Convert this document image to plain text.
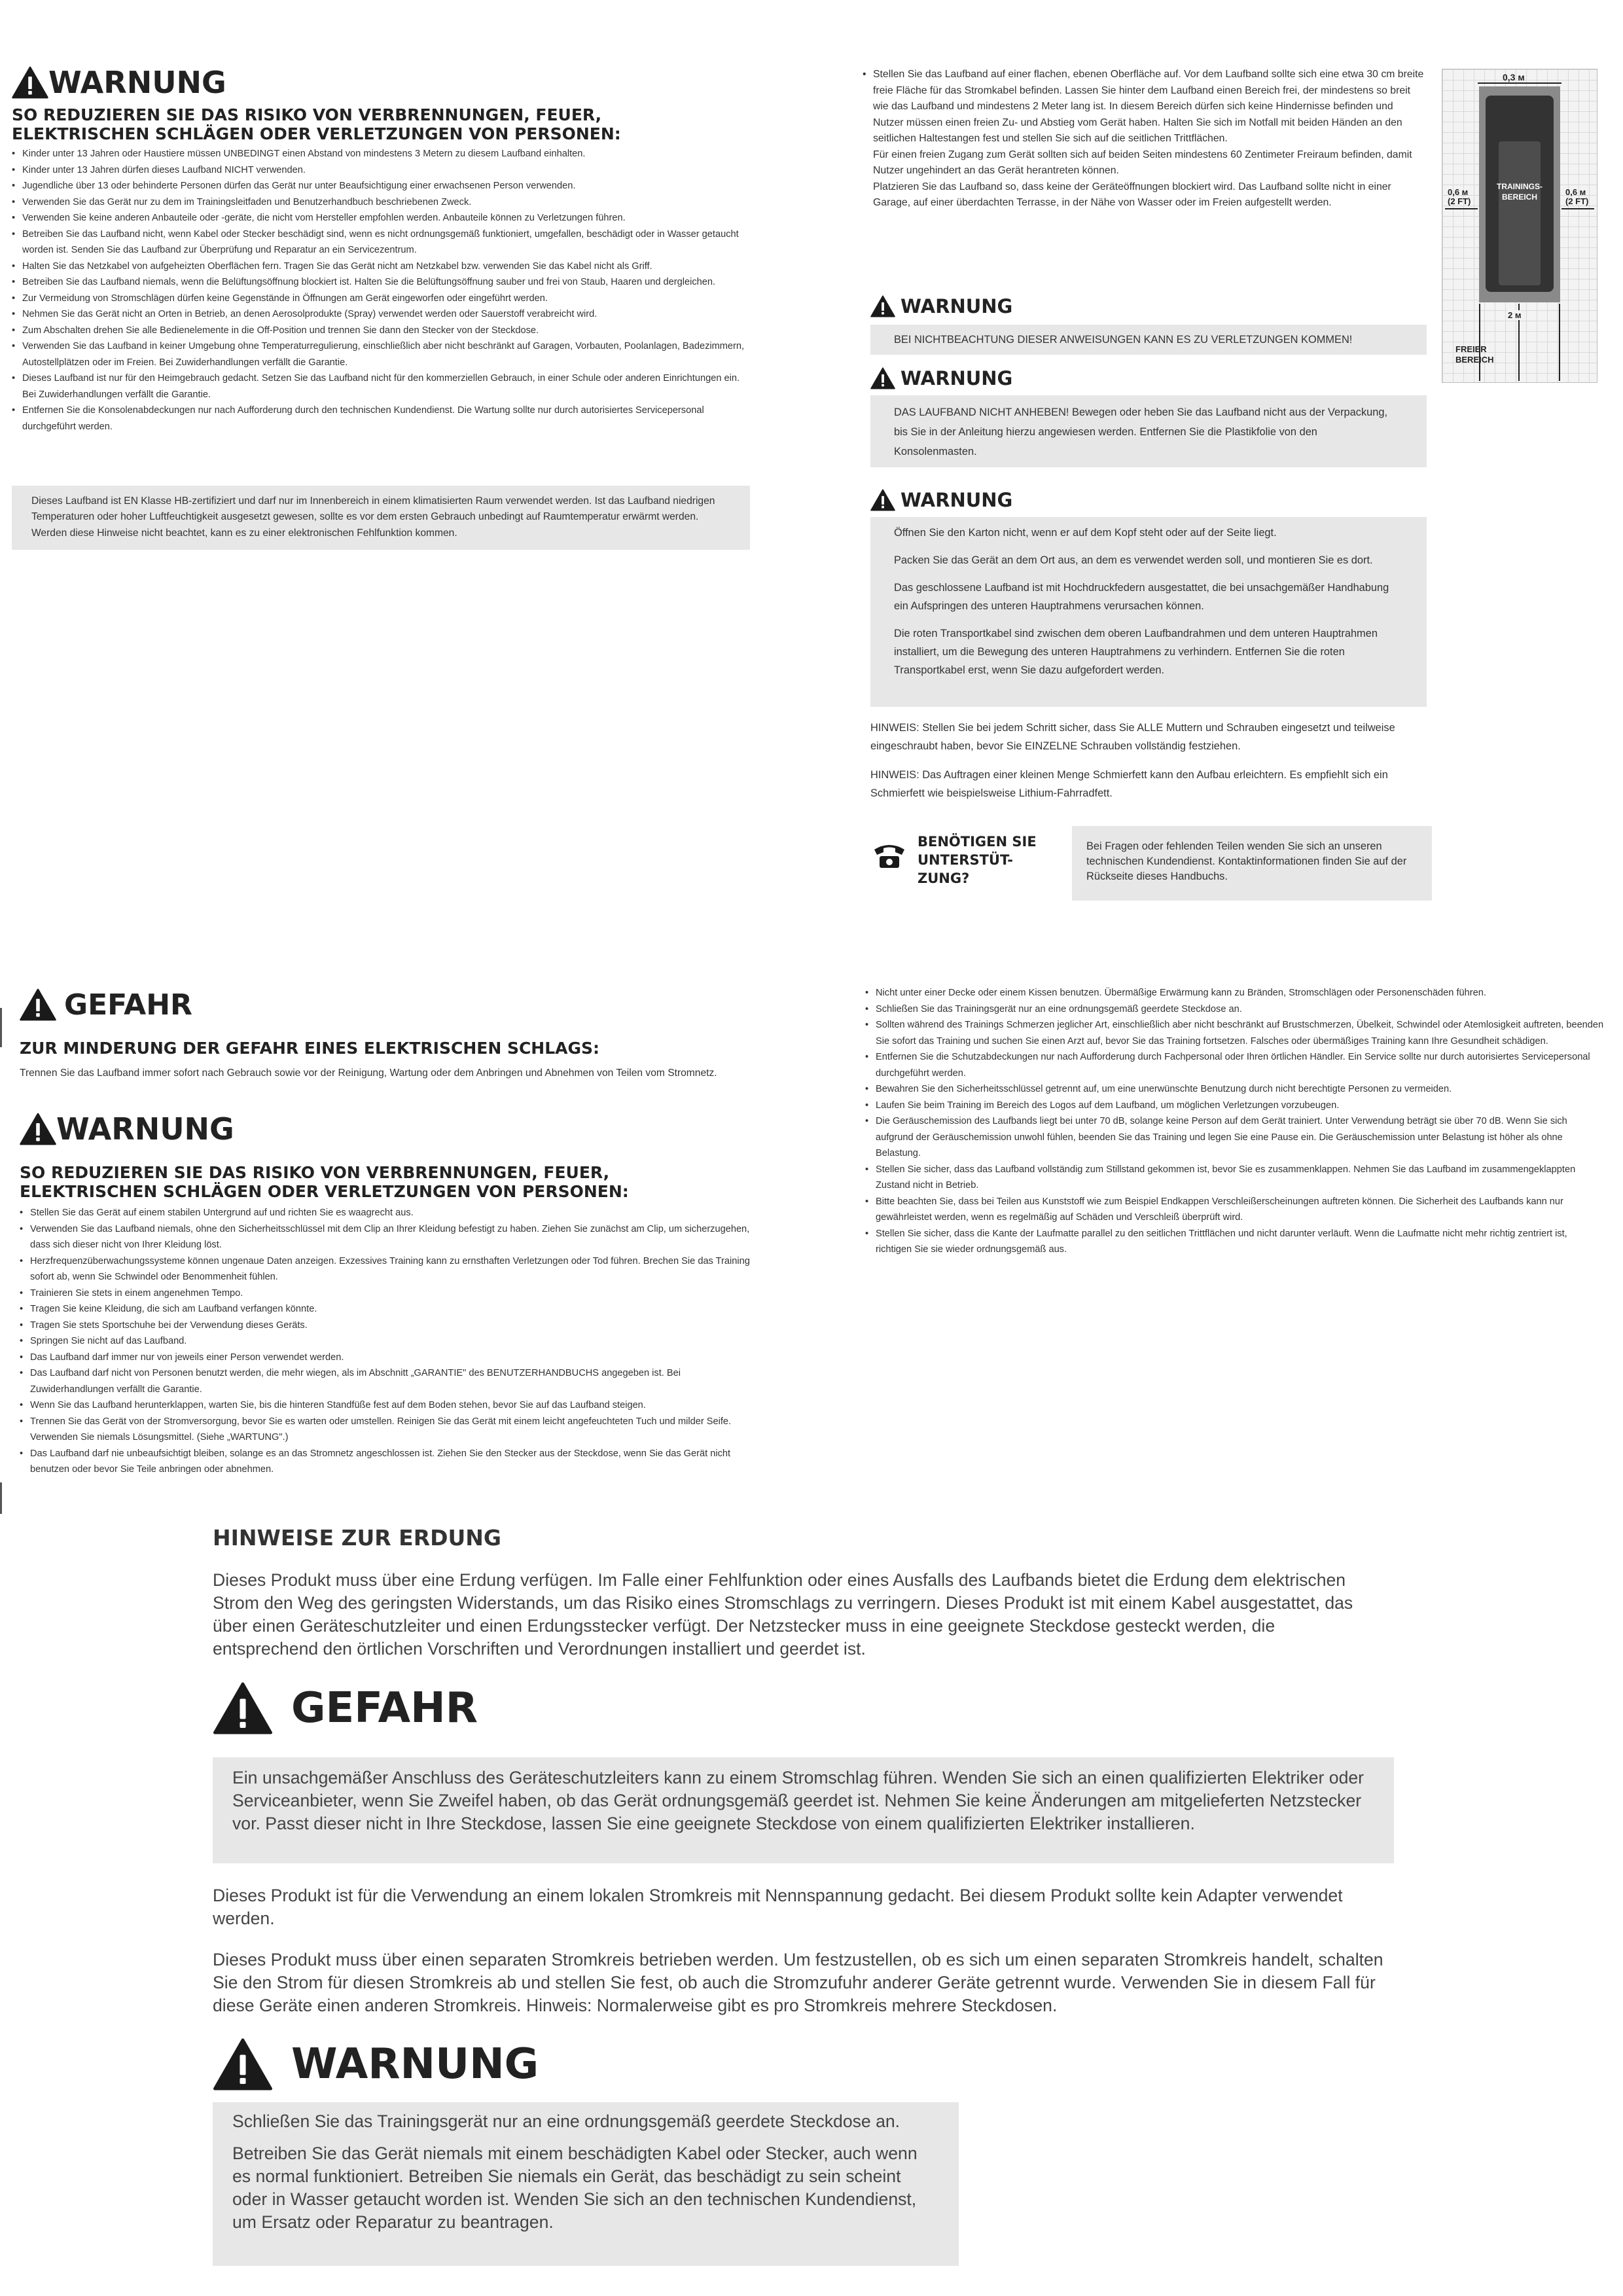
WARNUNG

SO REDUZIEREN SIE DAS RISIKO VON VERBRENNUNGEN, FEUER, ELEKTRISCHEN SCHLÄGEN ODER VERLETZUNGEN VON PERSONEN:

• Kinder unter 13 Jahren oder Haustiere müssen UNBEDINGT einen Abstand von mindestens 3 Metern zu diesem Laufband einhalten.
• Kinder unter 13 Jahren dürfen dieses Laufband NICHT verwenden.
• Jugendliche über 13 oder behinderte Personen dürfen das Gerät nur unter Beaufsichtigung einer erwachsenen Person verwenden.
• Verwenden Sie das Gerät nur zu dem im Trainingsleitfaden und Benutzerhandbuch beschriebenen Zweck.
• Verwenden Sie keine anderen Anbauteile oder -geräte, die nicht vom Hersteller empfohlen werden. Anbauteile können zu Verletzungen führen.
• Betreiben Sie das Laufband nicht, wenn Kabel oder Stecker beschädigt sind, wenn es nicht ordnungsgemäß funktioniert, umgefallen, beschädigt oder in Wasser getaucht worden ist. Senden Sie das Laufband zur Überprüfung und Reparatur an ein Servicezentrum.
• Halten Sie das Netzkabel von aufgeheizten Oberflächen fern. Tragen Sie das Gerät nicht am Netzkabel bzw. verwenden Sie das Kabel nicht als Griff.
• Betreiben Sie das Laufband niemals, wenn die Belüftungsöffnung blockiert ist. Halten Sie die Belüftungsöffnung sauber und frei von Staub, Haaren und dergleichen.
• Zur Vermeidung von Stromschlägen dürfen keine Gegenstände in Öffnungen am Gerät eingeworfen oder eingeführt werden.
• Nehmen Sie das Gerät nicht an Orten in Betrieb, an denen Aerosolprodukte (Spray) verwendet werden oder Sauerstoff verabreicht wird.
• Zum Abschalten drehen Sie alle Bedienelemente in die Off-Position und trennen Sie dann den Stecker von der Steckdose.
• Verwenden Sie das Laufband in keiner Umgebung ohne Temperaturregulierung, einschließlich aber nicht beschränkt auf Garagen, Vorbauten, Poolanlagen, Badezimmern, Autostellplätzen oder im Freien. Bei Zuwiderhandlungen verfällt die Garantie.
• Dieses Laufband ist nur für den Heimgebrauch gedacht. Setzen Sie das Laufband nicht für den kommerziellen Gebrauch, in einer Schule oder anderen Einrichtungen ein. Bei Zuwiderhandlungen verfällt die Garantie.
• Entfernen Sie die Konsolenabdeckungen nur nach Aufforderung durch den technischen Kundendienst. Die Wartung sollte nur durch autorisiertes Servicepersonal durchgeführt werden.

Dieses Laufband ist EN Klasse HB-zertifiziert und darf nur im Innenbereich in einem klimatisierten Raum verwendet werden. Ist das Laufband niedrigen Temperaturen oder hoher Luftfeuchtigkeit ausgesetzt gewesen, sollte es vor dem ersten Gebrauch unbedingt auf Raumtemperatur erwärmt werden. Werden diese Hinweise nicht beachtet, kann es zu einer elektronischen Fehlfunktion kommen.

• Stellen Sie das Laufband auf einer flachen, ebenen Oberfläche auf. Vor dem Laufband sollte sich eine etwa 30 cm breite freie Fläche für das Stromkabel befinden. Lassen Sie hinter dem Laufband einen Bereich frei, der mindestens so breit wie das Laufband und mindestens 2 Meter lang ist. In diesem Bereich dürfen sich keine Hindernisse befinden und Nutzer müssen einen freien Zu- und Abstieg vom Gerät haben. Halten Sie sich im Notfall mit beiden Händen an den seitlichen Haltestangen fest und stellen Sie sich auf die seitlichen Trittflächen.
Für einen freien Zugang zum Gerät sollten sich auf beiden Seiten mindestens 60 Zentimeter Freiraum befinden, damit Nutzer ungehindert an das Gerät herantreten können.
Platzieren Sie das Laufband so, dass keine der Geräteöffnungen blockiert wird. Das Laufband sollte nicht in einer Garage, auf einer überdachten Terrasse, in der Nähe von Wasser oder im Freien aufgestellt werden.
0,3 м
TRAININGS-
BEREICH
0,6 м
(2 FT)
0,6 м
(2 FT)
2 м
FREIER
BEREICH
WARNUNG

BEI NICHTBEACHTUNG DIESER ANWEISUNGEN KANN ES ZU VERLETZUNGEN KOMMEN!

WARNUNG

DAS LAUFBAND NICHT ANHEBEN! Bewegen oder heben Sie das Laufband nicht aus der Verpackung, bis Sie in der Anleitung hierzu angewiesen werden. Entfernen Sie die Plastikfolie von den Konsolenmasten.

WARNUNG

Öffnen Sie den Karton nicht, wenn er auf dem Kopf steht oder auf der Seite liegt.

Packen Sie das Gerät an dem Ort aus, an dem es verwendet werden soll, und montieren Sie es dort.

Das geschlossene Laufband ist mit Hochdruckfedern ausgestattet, die bei unsachgemäßer Handhabung ein Aufspringen des unteren Hauptrahmens verursachen können.

Die roten Transportkabel sind zwischen dem oberen Laufbandrahmen und dem unteren Hauptrahmen installiert, um die Bewegung des unteren Hauptrahmens zu verhindern. Entfernen Sie die roten Transportkabel erst, wenn Sie dazu aufgefordert werden.

HINWEIS: Stellen Sie bei jedem Schritt sicher, dass Sie ALLE Muttern und Schrauben eingesetzt und teilweise eingeschraubt haben, bevor Sie EINZELNE Schrauben vollständig festziehen.

HINWEIS: Das Auftragen einer kleinen Menge Schmierfett kann den Aufbau erleichtern. Es empfiehlt sich ein Schmierfett wie beispielsweise Lithium-Fahrradfett.

BENÖTIGEN SIE
UNTERSTÜT-
ZUNG?

Bei Fragen oder fehlenden Teilen wenden Sie sich an unseren technischen Kundendienst. Kontaktinformationen finden Sie auf der Rückseite dieses Handbuchs.

GEFAHR

ZUR MINDERUNG DER GEFAHR EINES ELEKTRISCHEN SCHLAGS:

Trennen Sie das Laufband immer sofort nach Gebrauch sowie vor der Reinigung, Wartung oder dem Anbringen und Abnehmen von Teilen vom Stromnetz.

WARNUNG

SO REDUZIEREN SIE DAS RISIKO VON VERBRENNUNGEN, FEUER, ELEKTRISCHEN SCHLÄGEN ODER VERLETZUNGEN VON PERSONEN:

• Stellen Sie das Gerät auf einem stabilen Untergrund auf und richten Sie es waagrecht aus.
• Verwenden Sie das Laufband niemals, ohne den Sicherheitsschlüssel mit dem Clip an Ihrer Kleidung befestigt zu haben. Ziehen Sie zunächst am Clip, um sicherzugehen, dass sich dieser nicht von Ihrer Kleidung löst.
• Herzfrequenzüberwachungssysteme können ungenaue Daten anzeigen. Exzessives Training kann zu ernsthaften Verletzungen oder Tod führen. Brechen Sie das Training sofort ab, wenn Sie Schwindel oder Benommenheit fühlen.
• Trainieren Sie stets in einem angenehmen Tempo.
• Tragen Sie keine Kleidung, die sich am Laufband verfangen könnte.
• Tragen Sie stets Sportschuhe bei der Verwendung dieses Geräts.
• Springen Sie nicht auf das Laufband.
• Das Laufband darf immer nur von jeweils einer Person verwendet werden.
• Das Laufband darf nicht von Personen benutzt werden, die mehr wiegen, als im Abschnitt „GARANTIE" des BENUTZERHANDBUCHS angegeben ist. Bei Zuwiderhandlungen verfällt die Garantie.
• Wenn Sie das Laufband herunterklappen, warten Sie, bis die hinteren Standfüße fest auf dem Boden stehen, bevor Sie auf das Laufband steigen.
• Trennen Sie das Gerät von der Stromversorgung, bevor Sie es warten oder umstellen. Reinigen Sie das Gerät mit einem leicht angefeuchteten Tuch und milder Seife. Verwenden Sie niemals Lösungsmittel. (Siehe „WARTUNG".)
• Das Laufband darf nie unbeaufsichtigt bleiben, solange es an das Stromnetz angeschlossen ist. Ziehen Sie den Stecker aus der Steckdose, wenn Sie das Gerät nicht benutzen oder bevor Sie Teile anbringen oder abnehmen.
• Nicht unter einer Decke oder einem Kissen benutzen. Übermäßige Erwärmung kann zu Bränden, Stromschlägen oder Personenschäden führen.
• Schließen Sie das Trainingsgerät nur an eine ordnungsgemäß geerdete Steckdose an.
• Sollten während des Trainings Schmerzen jeglicher Art, einschließlich aber nicht beschränkt auf Brustschmerzen, Übelkeit, Schwindel oder Atemlosigkeit auftreten, beenden Sie sofort das Training und suchen Sie einen Arzt auf, bevor Sie das Training fortsetzen. Falsches oder übermäßiges Training kann Ihre Gesundheit schädigen.
• Entfernen Sie die Schutzabdeckungen nur nach Aufforderung durch Fachpersonal oder Ihren örtlichen Händler. Ein Service sollte nur durch autorisiertes Servicepersonal durchgeführt werden.
• Bewahren Sie den Sicherheitsschlüssel getrennt auf, um eine unerwünschte Benutzung durch nicht berechtigte Personen zu vermeiden.
• Laufen Sie beim Training im Bereich des Logos auf dem Laufband, um möglichen Verletzungen vorzubeugen.
• Die Geräuschemission des Laufbands liegt bei unter 70 dB, solange keine Person auf dem Gerät trainiert. Unter Verwendung beträgt sie über 70 dB. Wenn Sie sich aufgrund der Geräuschemission unwohl fühlen, beenden Sie das Training und legen Sie eine Pause ein. Die Geräuschemission unter Belastung ist höher als ohne Belastung.
• Stellen Sie sicher, dass das Laufband vollständig zum Stillstand gekommen ist, bevor Sie es zusammenklappen. Nehmen Sie das Laufband im zusammengeklappten Zustand nicht in Betrieb.
• Bitte beachten Sie, dass bei Teilen aus Kunststoff wie zum Beispiel Endkappen Verschleißerscheinungen auftreten können. Die Sicherheit des Laufbands kann nur gewährleistet werden, wenn es regelmäßig auf Schäden und Verschleiß überprüft wird.
• Stellen Sie sicher, dass die Kante der Laufmatte parallel zu den seitlichen Trittflächen und nicht darunter verläuft. Wenn die Laufmatte nicht mehr richtig zentriert ist, richtigen Sie sie wieder ordnungsgemäß aus.
HINWEISE ZUR ERDUNG

Dieses Produkt muss über eine Erdung verfügen. Im Falle einer Fehlfunktion oder eines Ausfalls des Laufbands bietet die Erdung dem elektrischen Strom den Weg des geringsten Widerstands, um das Risiko eines Stromschlags zu verringern. Dieses Produkt ist mit einem Kabel ausgestattet, das über einen Geräteschutzleiter und einen Erdungsstecker verfügt. Der Netzstecker muss in eine geeignete Steckdose gesteckt werden, die entsprechend den örtlichen Vorschriften und Verordnungen installiert und geerdet ist.

GEFAHR

Ein unsachgemäßer Anschluss des Geräteschutzleiters kann zu einem Stromschlag führen. Wenden Sie sich an einen qualifizierten Elektriker oder Serviceanbieter, wenn Sie Zweifel haben, ob das Gerät ordnungsgemäß geerdet ist. Nehmen Sie keine Änderungen am mitgelieferten Netzstecker vor. Passt dieser nicht in Ihre Steckdose, lassen Sie eine geeignete Steckdose von einem qualifizierten Elektriker installieren.

Dieses Produkt ist für die Verwendung an einem lokalen Stromkreis mit Nennspannung gedacht. Bei diesem Produkt sollte kein Adapter verwendet werden.

Dieses Produkt muss über einen separaten Stromkreis betrieben werden. Um festzustellen, ob es sich um einen separaten Stromkreis handelt, schalten Sie den Strom für diesen Stromkreis ab und stellen Sie fest, ob auch die Stromzufuhr anderer Geräte getrennt wurde. Verwenden Sie in diesem Fall für diese Geräte einen anderen Stromkreis. Hinweis: Normalerweise gibt es pro Stromkreis mehrere Steckdosen.

WARNUNG

Schließen Sie das Trainingsgerät nur an eine ordnungsgemäß geerdete Steckdose an.

Betreiben Sie das Gerät niemals mit einem beschädigten Kabel oder Stecker, auch wenn es normal funktioniert. Betreiben Sie niemals ein Gerät, das beschädigt zu sein scheint oder in Wasser getaucht worden ist. Wenden Sie sich an den technischen Kundendienst, um Ersatz oder Reparatur zu beantragen.
